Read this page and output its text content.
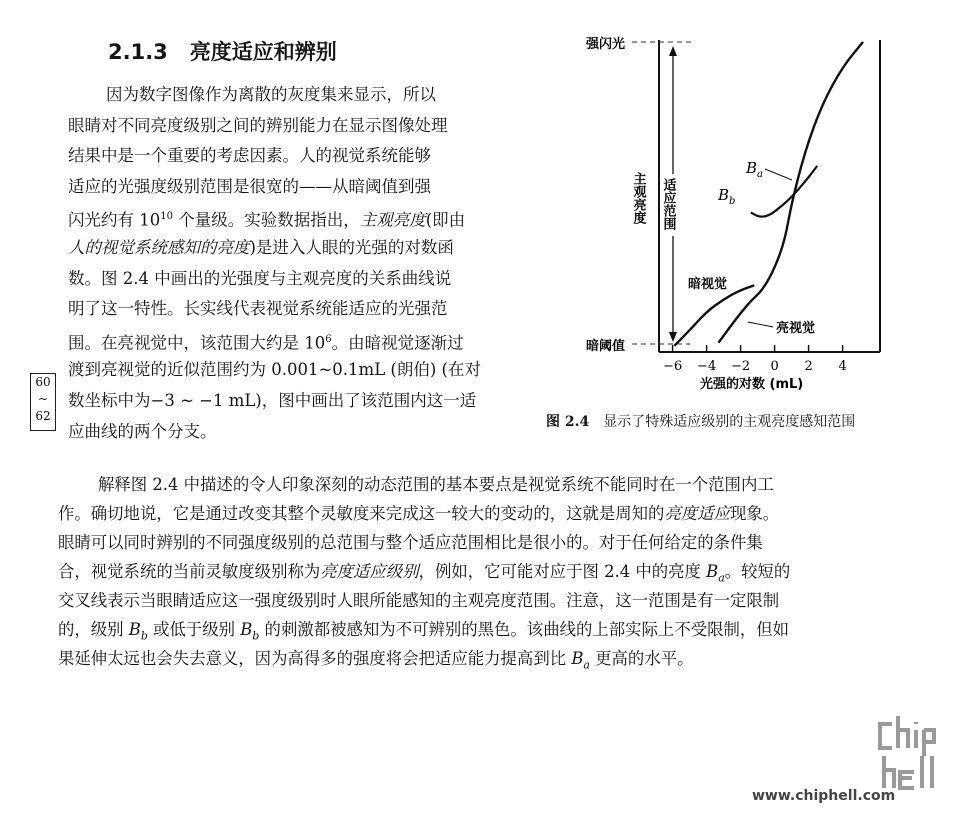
2.1.3 亮度适应和辨别
因为数字图像作为离散的灰度集来显示，所以
眼睛对不同亮度级别之间的辨别能力在显示图像处理
结果中是一个重要的考虑因素。人的视觉系统能够
适应的光强度级别范围是很宽的——从暗阈值到强
闪光约有 $10^{10}$ 个量级。实验数据指出，主观亮度(即由
人的视觉系统感知的亮度)是进入人眼的光强的对数函
数。图 2.4 中画出的光强度与主观亮度的关系曲线说
明了这一特性。长实线代表视觉系统能适应的光强范
围。在亮视觉中，该范围大约是 $10^6$。由暗视觉逐渐过
渡到亮视觉的近似范围约为 0.001~0.1mL (朗伯) (在对
数坐标中为−3 ~ −1 mL)，图中画出了该范围内这一适
应曲线的两个分支。
60
~
62
强闪光
暗阈值
主观亮度 适应范围
$B_a$
$B_b$
暗视觉
亮视觉
−6 −4 −2 0 2 4
光强的对数 (mL)
图 2.4 显示了特殊适应级别的主观亮度感知范围
解释图 2.4 中描述的令人印象深刻的动态范围的基本要点是视觉系统不能同时在一个范围内工
作。确切地说，它是通过改变其整个灵敏度来完成这一较大的变动的，这就是周知的亮度适应现象。
眼睛可以同时辨别的不同强度级别的总范围与整个适应范围相比是很小的。对于任何给定的条件集
合，视觉系统的当前灵敏度级别称为亮度适应级别，例如，它可能对应于图 2.4 中的亮度 $B_a$。较短的
交叉线表示当眼睛适应这一强度级别时人眼所能感知的主观亮度范围。注意，这一范围是有一定限制
的，级别 $B_b$ 或低于级别 $B_b$ 的刺激都被感知为不可辨别的黑色。该曲线的上部实际上不受限制，但如
果延伸太远也会失去意义，因为高得多的强度将会把适应能力提高到比 $B_a$ 更高的水平。
www.chiphell.com
